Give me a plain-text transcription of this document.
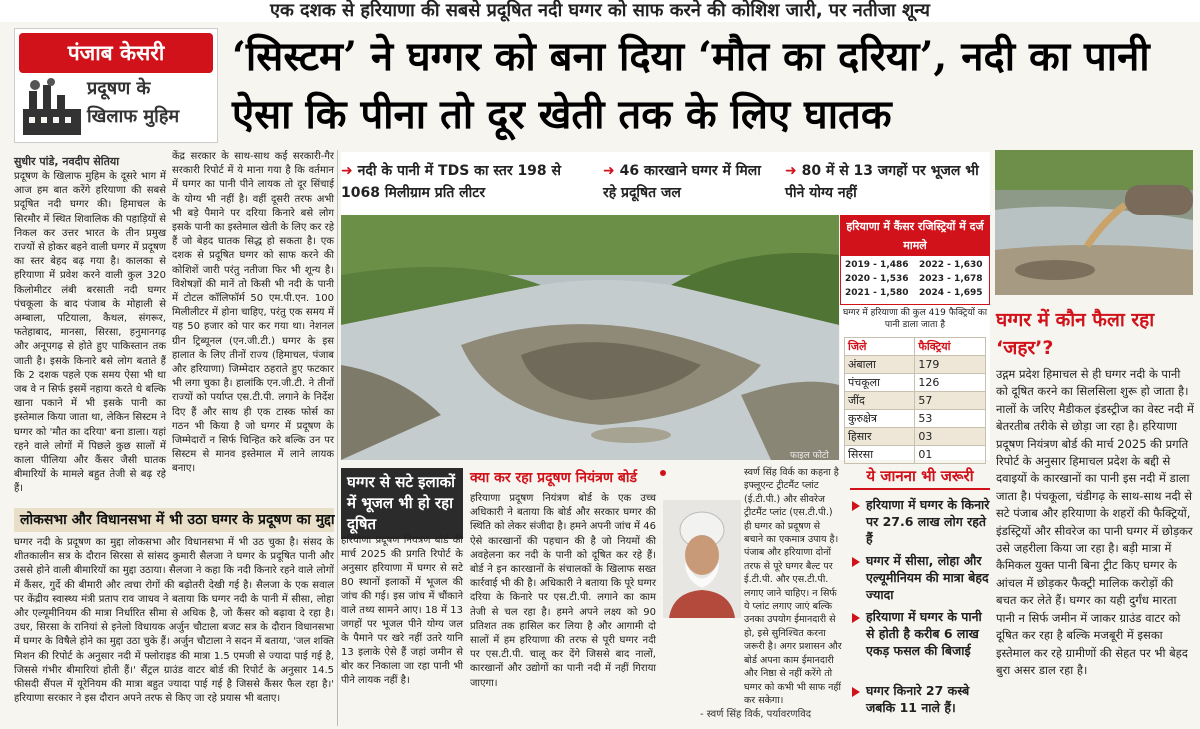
एक दशक से हरियाणा की सबसे प्रदूषित नदी घग्गर को साफ करने की कोशिश जारी, पर नतीजा शून्य
पंजाब केसरी
प्रदूषण के
खिलाफ मुहिम
‘सिस्टम’ ने घग्गर को बना दिया ‘मौत का दरिया’, नदी का पानी ऐसा कि पीना तो दूर खेती तक के लिए घातक
सुधीर पांडे, नवदीप सेतिया
प्रदूषण के खिलाफ मुहिम के दूसरे भाग में आज हम बात करेंगे हरियाणा की सबसे प्रदूषित नदी घग्गर की। हिमाचल के सिरमौर में स्थित शिवालिक की पहाड़ियों से निकल कर उत्तर भारत के तीन प्रमुख राज्यों से होकर बहने वाली घग्गर में प्रदूषण का स्तर बेहद बढ़ गया है। कालका से हरियाणा में प्रवेश करने वाली कुल 320 किलोमीटर लंबी बरसाती नदी घग्गर पंचकूला के बाद पंजाब के मोहाली से अम्बाला, पटियाला, कैथल, संगरूर, फतेहाबाद, मानसा, सिरसा, हनुमानगढ़ और अनूपगढ़ से होते हुए पाकिस्तान तक जाती है। इसके किनारे बसे लोग बताते हैं कि 2 दशक पहले एक समय ऐसा भी था जब वे न सिर्फ इसमें नहाया करते थे बल्कि खाना पकाने में भी इसके पानी का इस्तेमाल किया जाता था, लेकिन सिस्टम ने घग्गर को 'मौत का दरिया' बना डाला। यहां रहने वाले लोगों में पिछले कुछ सालों में काला पीलिया और कैंसर जैसी घातक बीमारियों के मामले बहुत तेजी से बढ़ रहे हैं।
केंद्र सरकार के साथ-साथ कई सरकारी-गैर सरकारी रिपोर्ट में ये माना गया है कि वर्तमान में घग्गर का पानी पीने लायक तो दूर सिंचाई के योग्य भी नहीं है। वहीं दूसरी तरफ अभी भी बड़े पैमाने पर दरिया किनारे बसे लोग इसके पानी का इस्तेमाल खेती के लिए कर रहे हैं जो बेहद घातक सिद्ध हो सकता है। एक दशक से प्रदूषित घग्गर को साफ करने की कोशिशें जारी परंतु नतीजा फिर भी शून्य है। विशेषज्ञों की मानें तो किसी भी नदी के पानी में टोटल कॉलिफॉर्म 50 एम.पी.एन. 100 मिलीलीटर में होना चाहिए, परंतु एक समय में यह 50 हजार को पार कर गया था। नेशनल ग्रीन ट्रिब्यूनल (एन.जी.टी.) घग्गर के इस हालात के लिए तीनों राज्य (हिमाचल, पंजाब और हरियाणा) जिम्मेदार ठहराते हुए फटकार भी लगा चुका है। हालांकि एन.जी.टी. ने तीनों राज्यों को पर्याप्त एस.टी.पी. लगाने के निर्देश दिए हैं और साथ ही एक टास्क फोर्स का गठन भी किया है जो घग्गर में प्रदूषण के जिम्मेदारों न सिर्फ चिन्हित करे बल्कि उन पर सिस्टम से मानव इस्तेमाल में लाने लायक बनाए।
लोकसभा और विधानसभा में भी उठा घग्गर के प्रदूषण का मुद्दा
घग्गर नदी के प्रदूषण का मुद्दा लोकसभा और विधानसभा में भी उठ चुका है। संसद के शीतकालीन सत्र के दौरान सिरसा से सांसद कुमारी सैलजा ने घग्गर के प्रदूषित पानी और उससे होने वाली बीमारियों का मुद्दा उठाया। सैलजा ने कहा कि नदी किनारे रहने वाले लोगों में कैंसर, गुर्दे की बीमारी और त्वचा रोगों की बढ़ोतरी देखी गई है। सैलजा के एक सवाल पर केंद्रीय स्वास्थ्य मंत्री प्रताप राव जाधव ने बताया कि घग्गर नदी के पानी में सीसा, लोहा और एल्यूमीनियम की मात्रा निर्धारित सीमा से अधिक है, जो कैंसर को बढ़ावा दे रहा है। उधर, सिरसा के रानियां से इनेलो विधायक अर्जुन चौटाला बजट सत्र के दौरान विधानसभा में घग्गर के विषैले होने का मुद्दा उठा चुके हैं। अर्जुन चौटाला ने सदन में बताया, 'जल शक्ति मिशन की रिपोर्ट के अनुसार नदी में फ्लोराइड की मात्रा 1.5 एमजी से ज्यादा पाई गई है, जिससे गंभीर बीमारियां होती हैं।' सैंट्रल ग्राउंड वाटर बोर्ड की रिपोर्ट के अनुसार 14.5 फीसदी सैंपल में यूरेनियम की मात्रा बहुत ज्यादा पाई गई है जिससे कैंसर फैल रहा है।' हरियाणा सरकार ने इस दौरान अपने तरफ से किए जा रहे प्रयास भी बताए।
➜ नदी के पानी में TDS का स्तर 198 से 1068 मिलीग्राम प्रति लीटर
➜ 46 कारखाने घग्गर में मिला रहे प्रदूषित जल
➜ 80 में से 13 जगहों पर भूजल भी पीने योग्य नहीं
फाइल फोटो
हरियाणा में कैंसर रजिस्ट्रियों में दर्ज मामले
2019 - 1,486 2022 - 1,630
2020 - 1,536 2023 - 1,678
2021 - 1,580 2024 - 1,695
घग्गर में हरियाणा की कुल 419 फैक्ट्रियों का पानी डाला जाता है
जिले	फैक्ट्रियां
अंबाला	179
पंचकूला	126
जींद	57
कुरुक्षेत्र	53
हिसार	03
सिरसा	01
घग्गर में कौन फैला रहा ‘जहर’?
उद्गम प्रदेश हिमाचल से ही घग्गर नदी के पानी को दूषित करने का सिलसिला शुरू हो जाता है। नालों के जरिए मैडीकल इंडस्ट्रीज का वेस्ट नदी में बेतरतीब तरीके से छोड़ा जा रहा है। हरियाणा प्रदूषण नियंत्रण बोर्ड की मार्च 2025 की प्रगति रिपोर्ट के अनुसार हिमाचल प्रदेश के बद्दी से दवाइयों के कारखानों का पानी इस नदी में डाला जाता है। पंचकूला, चंडीगढ़ के साथ-साथ नदी से सटे पंजाब और हरियाणा के शहरों की फैक्ट्रियों, इंडस्ट्रियों और सीवरेज का पानी घग्गर में छोड़कर उसे जहरीला किया जा रहा है। बड़ी मात्रा में कैमिकल युक्त पानी बिना ट्रीट किए घग्गर के आंचल में छोड़कर फैक्ट्री मालिक करोड़ों की बचत कर लेते हैं। घग्गर का यही दुर्गंध मारता पानी न सिर्फ जमीन में जाकर ग्राउंड वाटर को दूषित कर रहा है बल्कि मजबूरी में इसका इस्तेमाल कर रहे ग्रामीणों की सेहत पर भी बेहद बुरा असर डाल रहा है।
घग्गर से सटे इलाकों में भूजल भी हो रहा दूषित
हरियाणा प्रदूषण नियंत्रण बोर्ड की मार्च 2025 की प्रगति रिपोर्ट के अनुसार हरियाणा में घग्गर से सटे 80 स्थानों इलाकों में भूजल की जांच की गई। इस जांच में चौंकाने वाले तथ्य सामने आए। 18 में 13 जगहों पर भूजल पीने योग्य जल के पैमाने पर खरे नहीं उतरे यानि 13 इलाके ऐसे हैं जहां जमीन से बोर कर निकाला जा रहा पानी भी पीने लायक नहीं है।
क्या कर रहा प्रदूषण नियंत्रण बोर्ड
हरियाणा प्रदूषण नियंत्रण बोर्ड के एक उच्च अधिकारी ने बताया कि बोर्ड और सरकार घग्गर की स्थिति को लेकर संजीदा है। हमने अपनी जांच में 46 ऐसे कारखानों की पहचान की है जो नियमों की अवहेलना कर नदी के पानी को दूषित कर रहे हैं। बोर्ड ने इन कारखानों के संचालकों के खिलाफ सख्त कार्रवाई भी की है। अधिकारी ने बताया कि पूरे घग्गर दरिया के किनारे पर एस.टी.पी. लगाने का काम तेजी से चल रहा है। हमने अपने लक्ष्य को 90 प्रतिशत तक हासिल कर लिया है और आगामी दो सालों में हम हरियाणा की तरफ से पूरी घग्गर नदी पर एस.टी.पी. चालू कर देंगे जिससे बाद नालों, कारखानों और उद्योगों का पानी नदी में नहीं गिराया जाएगा।
स्वर्ण सिंह विर्क का कहना है इफ्लूएन्ट ट्रीटमैंट प्लांट (ई.टी.पी.) और सीवरेज ट्रीटमैंट प्लांट (एस.टी.पी.) ही घग्गर को प्रदूषण से बचाने का एकमात्र उपाय है। पंजाब और हरियाणा दोनों तरफ से पूरे घग्गर बैल्ट पर ई.टी.पी. और एस.टी.पी. लगाए जाने चाहिए। न सिर्फ ये प्लांट लगाए जाएं बल्कि उनका उपयोग ईमानदारी से हो, इसे सुनिश्चित करना जरूरी है। अगर प्रशासन और बोर्ड अपना काम ईमानदारी और निष्ठा से नहीं करेंगे तो घग्गर को कभी भी साफ नहीं कर सकेगा।
- स्वर्ण सिंह विर्क, पर्यावरणविद
ये जानना भी जरूरी
हरियाणा में घग्गर के किनारे पर 27.6 लाख लोग रहते हैं
घग्गर में सीसा, लोहा और एल्यूमीनियम की मात्रा बेहद ज्यादा
हरियाणा में घग्गर के पानी से होती है करीब 6 लाख एकड़ फसल की बिजाई
घग्गर किनारे 27 कस्बे जबकि 11 नाले हैं।
